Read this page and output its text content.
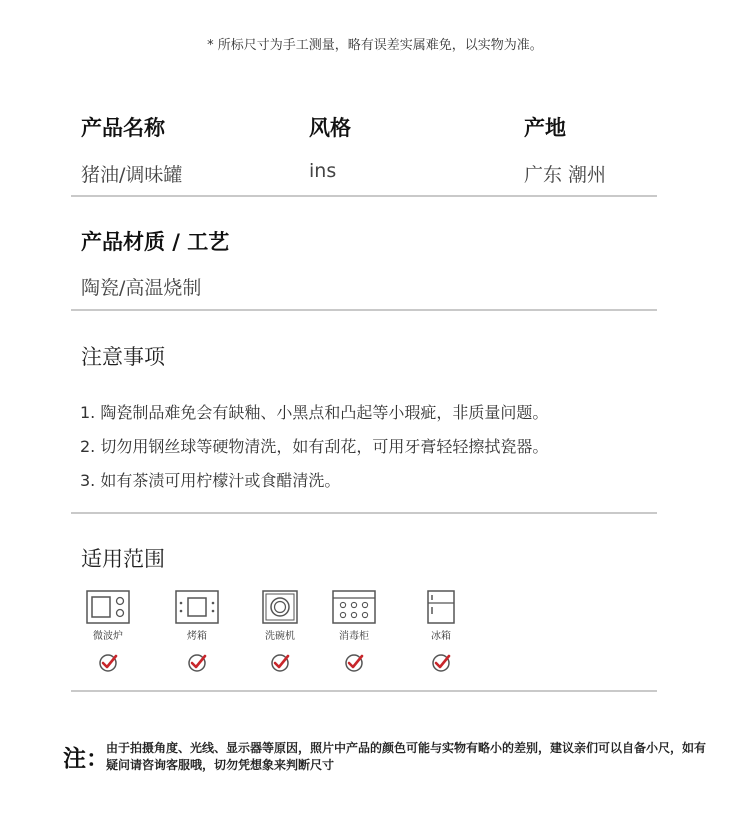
* 所标尺寸为手工测量，略有误差实属难免，以实物为准。
产品名称	风格	产地
猪油/调味罐	ins	广东 潮州
产品材质 / 工艺
陶瓷/高温烧制
注意事项
1. 陶瓷制品难免会有缺釉、小黑点和凸起等小瑕疵，非质量问题。
2. 切勿用钢丝球等硬物清洗，如有刮花，可用牙膏轻轻擦拭瓷器。
3. 如有茶渍可用柠檬汁或食醋清洗。
适用范围
微波炉	烤箱	洗碗机	消毒柜	冰箱
注：
由于拍摄角度、光线、显示器等原因，照片中产品的颜色可能与实物有略小的差别，建议亲们可以自备小尺，如有疑问请咨询客服哦，切勿凭想象来判断尺寸
